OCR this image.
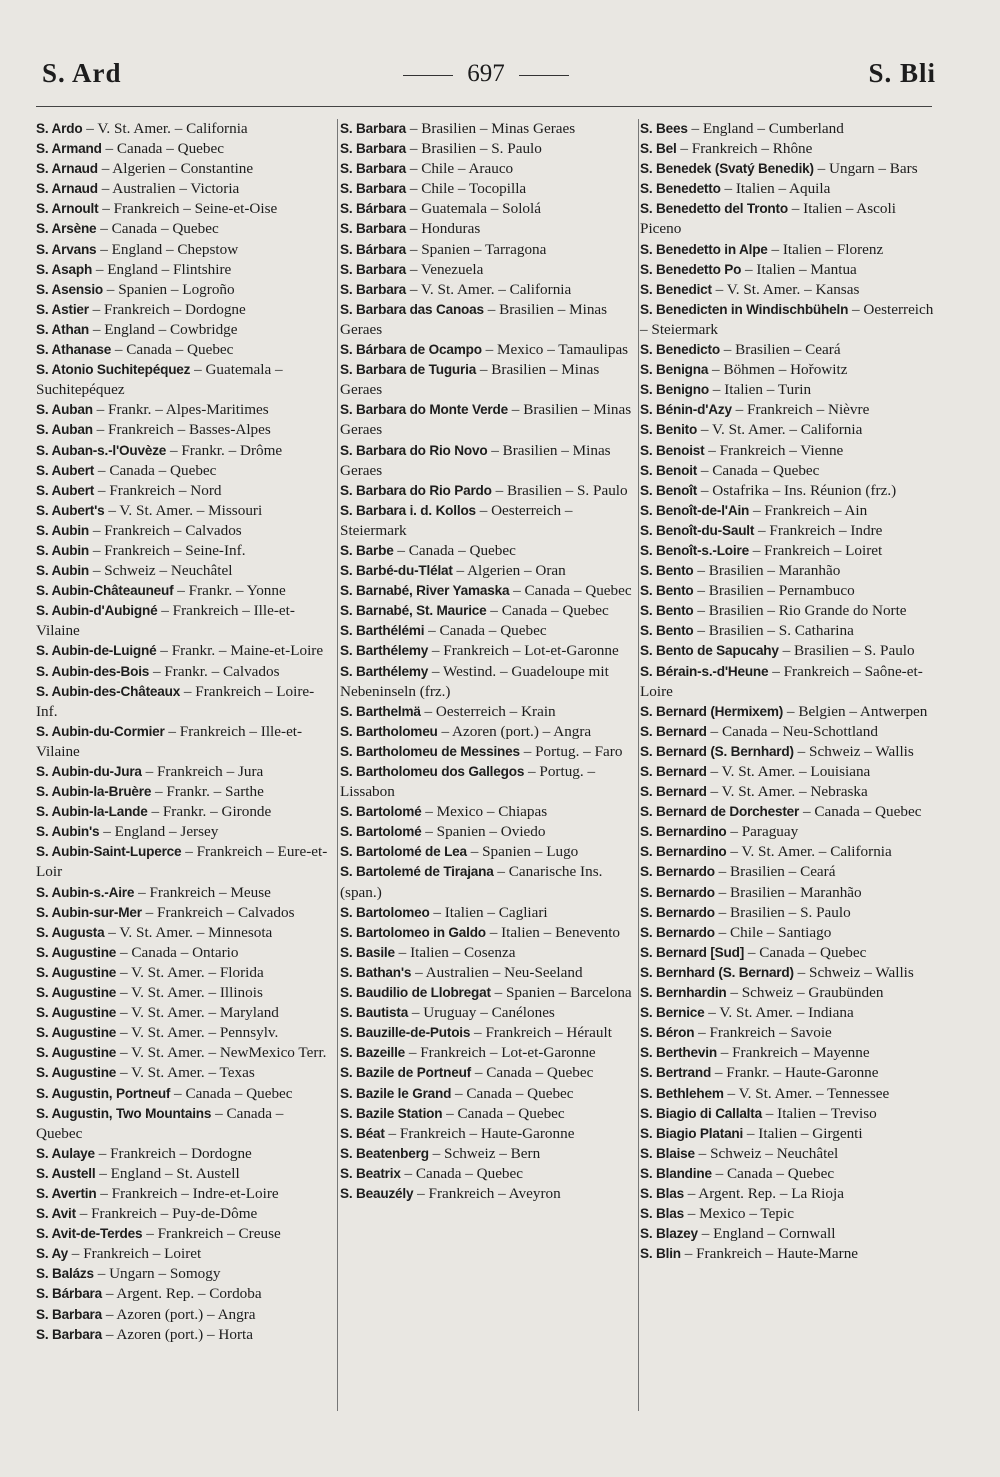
S. Ard	697	S. Bli
S. Ardo – V. St. Amer. – California
S. Armand – Canada – Quebec
S. Arnaud – Algerien – Constantine
S. Arnaud – Australien – Victoria
S. Arnoult – Frankreich – Seine-et-Oise
S. Arsène – Canada – Quebec
S. Arvans – England – Chepstow
S. Asaph – England – Flintshire
S. Asensio – Spanien – Logroño
S. Astier – Frankreich – Dordogne
S. Athan – England – Cowbridge
S. Athanase – Canada – Quebec
S. Atonio Suchitepéquez – Guatemala – Suchitepéquez
S. Auban – Frankr. – Alpes-Maritimes
S. Auban – Frankreich – Basses-Alpes
S. Auban-s.-l'Ouvèze – Frankr. – Drôme
S. Aubert – Canada – Quebec
S. Aubert – Frankreich – Nord
S. Aubert's – V. St. Amer. – Missouri
S. Aubin – Frankreich – Calvados
S. Aubin – Frankreich – Seine-Inf.
S. Aubin – Schweiz – Neuchâtel
S. Aubin-Châteauneuf – Frankr. – Yonne
S. Aubin-d'Aubigné – Frankreich – Ille-et-Vilaine
S. Aubin-de-Luigné – Frankr. – Maine-et-Loire
S. Aubin-des-Bois – Frankr. – Calvados
S. Aubin-des-Châteaux – Frankreich – Loire-Inf.
S. Aubin-du-Cormier – Frankreich – Ille-et-Vilaine
S. Aubin-du-Jura – Frankreich – Jura
S. Aubin-la-Bruère – Frankr. – Sarthe
S. Aubin-la-Lande – Frankr. – Gironde
S. Aubin's – England – Jersey
S. Aubin-Saint-Luperce – Frankreich – Eure-et-Loir
S. Aubin-s.-Aire – Frankreich – Meuse
S. Aubin-sur-Mer – Frankreich – Calvados
S. Augusta – V. St. Amer. – Minnesota
S. Augustine – Canada – Ontario
S. Augustine – V. St. Amer. – Florida
S. Augustine – V. St. Amer. – Illinois
S. Augustine – V. St. Amer. – Maryland
S. Augustine – V. St. Amer. – Pennsylv.
S. Augustine – V. St. Amer. – NewMexico Terr.
S. Augustine – V. St. Amer. – Texas
S. Augustin, Portneuf – Canada – Quebec
S. Augustin, Two Mountains – Canada – Quebec
S. Aulaye – Frankreich – Dordogne
S. Austell – England – St. Austell
S. Avertin – Frankreich – Indre-et-Loire
S. Avit – Frankreich – Puy-de-Dôme
S. Avit-de-Terdes – Frankreich – Creuse
S. Ay – Frankreich – Loiret
S. Balázs – Ungarn – Somogy
S. Bárbara – Argent. Rep. – Cordoba
S. Barbara – Azoren (port.) – Angra
S. Barbara – Azoren (port.) – Horta
S. Barbara – Brasilien – Minas Geraes
S. Barbara – Brasilien – S. Paulo
S. Barbara – Chile – Arauco
S. Barbara – Chile – Tocopilla
S. Bárbara – Guatemala – Sololá
S. Barbara – Honduras
S. Bárbara – Spanien – Tarragona
S. Barbara – Venezuela
S. Barbara – V. St. Amer. – California
S. Barbara das Canoas – Brasilien – Minas Geraes
S. Bárbara de Ocampo – Mexico – Tamaulipas
S. Barbara de Tuguria – Brasilien – Minas Geraes
S. Barbara do Monte Verde – Brasilien – Minas Geraes
S. Barbara do Rio Novo – Brasilien – Minas Geraes
S. Barbara do Rio Pardo – Brasilien – S. Paulo
S. Barbara i. d. Kollos – Oesterreich – Steiermark
S. Barbe – Canada – Quebec
S. Barbé-du-Tlélat – Algerien – Oran
S. Barnabé, River Yamaska – Canada – Quebec
S. Barnabé, St. Maurice – Canada – Quebec
S. Barthélémi – Canada – Quebec
S. Barthélemy – Frankreich – Lot-et-Garonne
S. Barthélemy – Westind. – Guadeloupe mit Nebeninseln (frz.)
S. Barthelmä – Oesterreich – Krain
S. Bartholomeu – Azoren (port.) – Angra
S. Bartholomeu de Messines – Portug. – Faro
S. Bartholomeu dos Gallegos – Portug. – Lissabon
S. Bartolomé – Mexico – Chiapas
S. Bartolomé – Spanien – Oviedo
S. Bartolomé de Lea – Spanien – Lugo
S. Bartolemé de Tirajana – Canarische Ins. (span.)
S. Bartolomeo – Italien – Cagliari
S. Bartolomeo in Galdo – Italien – Benevento
S. Basile – Italien – Cosenza
S. Bathan's – Australien – Neu-Seeland
S. Baudilio de Llobregat – Spanien – Barcelona
S. Bautista – Uruguay – Canélones
S. Bauzille-de-Putois – Frankreich – Hérault
S. Bazeille – Frankreich – Lot-et-Garonne
S. Bazile de Portneuf – Canada – Quebec
S. Bazile le Grand – Canada – Quebec
S. Bazile Station – Canada – Quebec
S. Béat – Frankreich – Haute-Garonne
S. Beatenberg – Schweiz – Bern
S. Beatrix – Canada – Quebec
S. Beauzély – Frankreich – Aveyron
S. Bees – England – Cumberland
S. Bel – Frankreich – Rhône
S. Benedek (Svatý Benedik) – Ungarn – Bars
S. Benedetto – Italien – Aquila
S. Benedetto del Tronto – Italien – Ascoli Piceno
S. Benedetto in Alpe – Italien – Florenz
S. Benedetto Po – Italien – Mantua
S. Benedict – V. St. Amer. – Kansas
S. Benedicten in Windischbüheln – Oesterreich – Steiermark
S. Benedicto – Brasilien – Ceará
S. Benigna – Böhmen – Hořowitz
S. Benigno – Italien – Turin
S. Bénin-d'Azy – Frankreich – Nièvre
S. Benito – V. St. Amer. – California
S. Benoist – Frankreich – Vienne
S. Benoit – Canada – Quebec
S. Benoît – Ostafrika – Ins. Réunion (frz.)
S. Benoît-de-l'Ain – Frankreich – Ain
S. Benoît-du-Sault – Frankreich – Indre
S. Benoît-s.-Loire – Frankreich – Loiret
S. Bento – Brasilien – Maranhão
S. Bento – Brasilien – Pernambuco
S. Bento – Brasilien – Rio Grande do Norte
S. Bento – Brasilien – S. Catharina
S. Bento de Sapucahy – Brasilien – S. Paulo
S. Bérain-s.-d'Heune – Frankreich – Saône-et-Loire
S. Bernard (Hermixem) – Belgien – Antwerpen
S. Bernard – Canada – Neu-Schottland
S. Bernard (S. Bernhard) – Schweiz – Wallis
S. Bernard – V. St. Amer. – Louisiana
S. Bernard – V. St. Amer. – Nebraska
S. Bernard de Dorchester – Canada – Quebec
S. Bernardino – Paraguay
S. Bernardino – V. St. Amer. – California
S. Bernardo – Brasilien – Ceará
S. Bernardo – Brasilien – Maranhão
S. Bernardo – Brasilien – S. Paulo
S. Bernardo – Chile – Santiago
S. Bernard [Sud] – Canada – Quebec
S. Bernhard (S. Bernard) – Schweiz – Wallis
S. Bernhardin – Schweiz – Graubünden
S. Bernice – V. St. Amer. – Indiana
S. Béron – Frankreich – Savoie
S. Berthevin – Frankreich – Mayenne
S. Bertrand – Frankr. – Haute-Garonne
S. Bethlehem – V. St. Amer. – Tennessee
S. Biagio di Callalta – Italien – Treviso
S. Biagio Platani – Italien – Girgenti
S. Blaise – Schweiz – Neuchâtel
S. Blandine – Canada – Quebec
S. Blas – Argent. Rep. – La Rioja
S. Blas – Mexico – Tepic
S. Blazey – England – Cornwall
S. Blin – Frankreich – Haute-Marne
